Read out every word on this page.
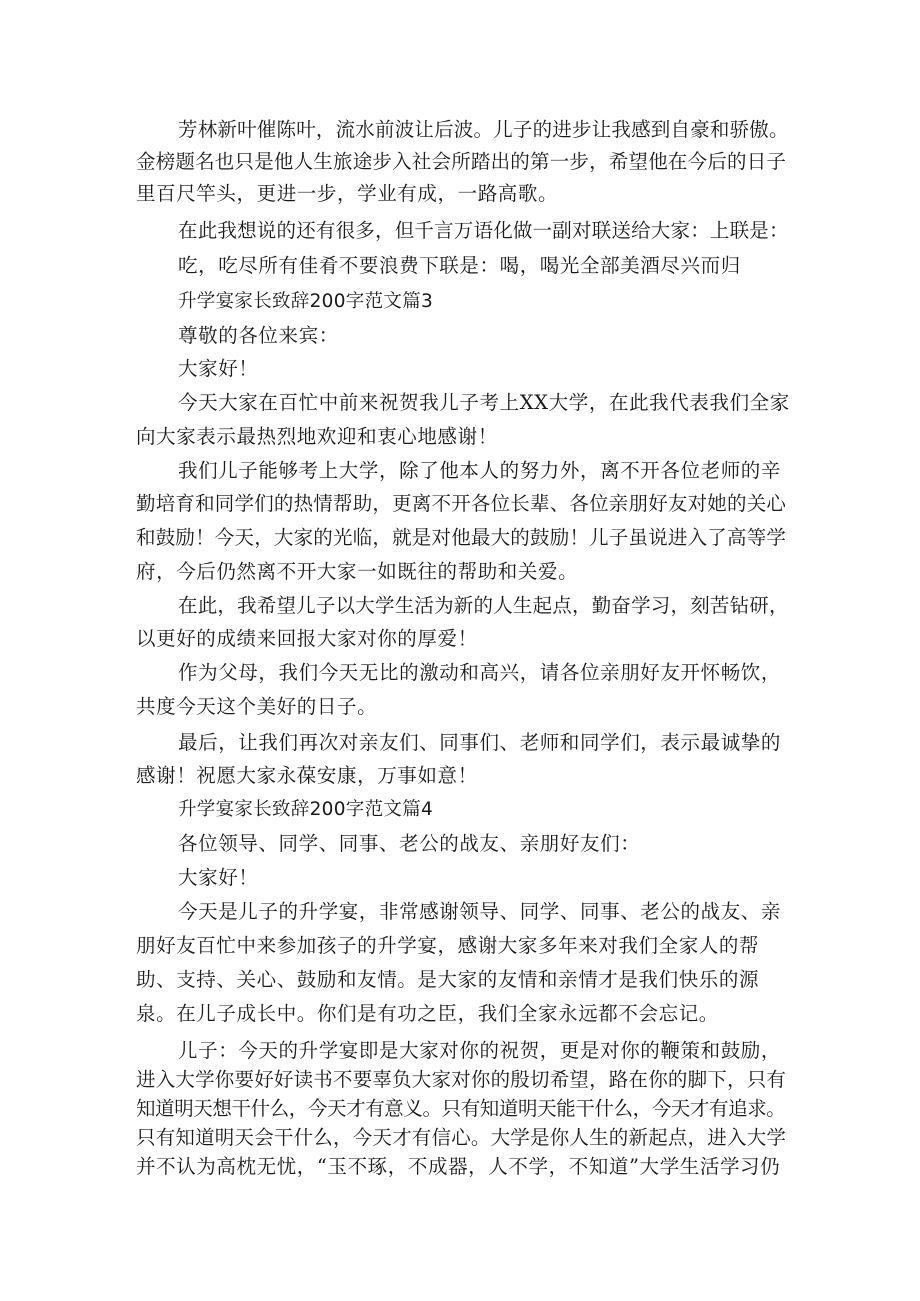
芳林新叶催陈叶，流水前波让后波。儿子的进步让我感到自豪和骄傲。
金榜题名也只是他人生旅途步入社会所踏出的第一步，希望他在今后的日子
里百尺竿头，更进一步，学业有成，一路高歌。
在此我想说的还有很多，但千言万语化做一副对联送给大家：上联是：
吃，吃尽所有佳肴不要浪费下联是：喝，喝光全部美酒尽兴而归
升学宴家长致辞200字范文篇3
尊敬的各位来宾：
大家好！
今天大家在百忙中前来祝贺我儿子考上XX大学，在此我代表我们全家
向大家表示最热烈地欢迎和衷心地感谢！
我们儿子能够考上大学，除了他本人的努力外，离不开各位老师的辛
勤培育和同学们的热情帮助，更离不开各位长辈、各位亲朋好友对她的关心
和鼓励！今天，大家的光临，就是对他最大的鼓励！儿子虽说进入了高等学
府，今后仍然离不开大家一如既往的帮助和关爱。
在此，我希望儿子以大学生活为新的人生起点，勤奋学习，刻苦钻研，
以更好的成绩来回报大家对你的厚爱！
作为父母，我们今天无比的激动和高兴，请各位亲朋好友开怀畅饮，
共度今天这个美好的日子。
最后，让我们再次对亲友们、同事们、老师和同学们，表示最诚挚的
感谢！祝愿大家永葆安康，万事如意！
升学宴家长致辞200字范文篇4
各位领导、同学、同事、老公的战友、亲朋好友们：
大家好！
今天是儿子的升学宴，非常感谢领导、同学、同事、老公的战友、亲
朋好友百忙中来参加孩子的升学宴，感谢大家多年来对我们全家人的帮
助、支持、关心、鼓励和友情。是大家的友情和亲情才是我们快乐的源
泉。在儿子成长中。你们是有功之臣，我们全家永远都不会忘记。
儿子：今天的升学宴即是大家对你的祝贺，更是对你的鞭策和鼓励，
进入大学你要好好读书不要辜负大家对你的殷切希望，路在你的脚下，只有
知道明天想干什么，今天才有意义。只有知道明天能干什么，今天才有追求。
只有知道明天会干什么，今天才有信心。大学是你人生的新起点，进入大学
并不认为高枕无忧，“玉不琢，不成器，人不学，不知道”大学生活学习仍
